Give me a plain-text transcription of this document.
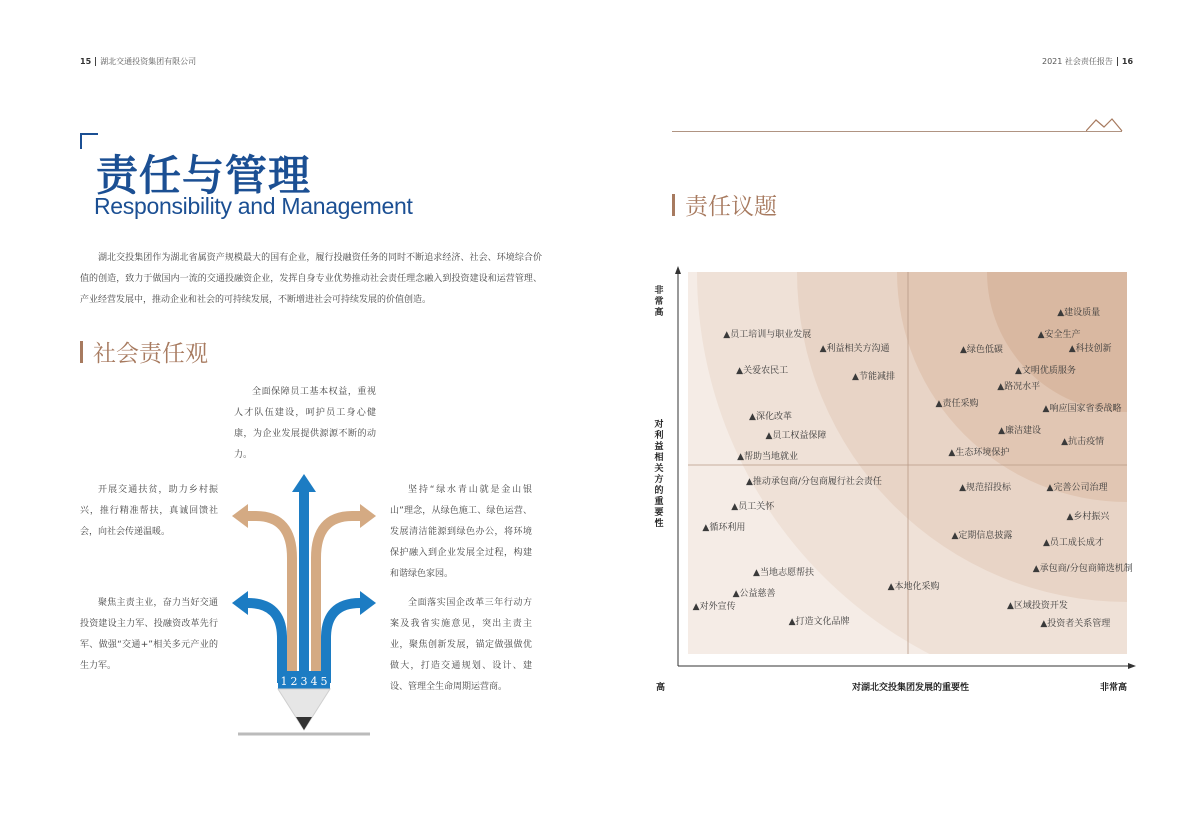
15 湖北交通投资集团有限公司
责任与管理
Responsibility and Management
湖北交投集团作为湖北省属资产规模最大的国有企业，履行投融资任务的同时不断追求经济、社会、环境综合价值的创造，致力于做国内一流的交通投融资企业，发挥自身专业优势推动社会责任理念融入到投资建设和运营管理、产业经营发展中，推动企业和社会的可持续发展，不断增进社会可持续发展的价值创造。
社会责任观
全面保障员工基本权益，重视人才队伍建设，呵护员工身心健康，为企业发展提供源源不断的动力。
开展交通扶贫，助力乡村振兴，推行精准帮扶，真诚回馈社会，向社会传递温暖。
聚焦主责主业，奋力当好交通投资建设主力军、投融资改革先行军、做强“交通+”相关多元产业的生力军。
坚持“绿水青山就是金山银山”理念，从绿色施工、绿色运营、发展清洁能源到绿色办公，将环境保护融入到企业发展全过程，构建和谐绿色家园。
全面落实国企改革三年行动方案及我省实施意见，突出主责主业，聚焦创新发展，锚定做强做优做大，打造交通规划、设计、建设、管理全生命周期运营商。
1 2 3 4 5
2021 社会责任报告 16
责任议题
▲建设质量
▲员工培训与职业发展	▲安全生产
▲利益相关方沟通	▲绿色低碳	▲科技创新
▲关爱农民工
▲节能减排
▲文明优质服务
▲路况水平
▲责任采购	▲响应国家省委战略
▲深化改革
▲廉洁建设
▲员工权益保障
▲抗击疫情
▲生态环境保护
▲帮助当地就业
▲推动承包商/分包商履行社会责任
▲规范招投标	▲完善公司治理
▲员工关怀
▲乡村振兴
▲循环利用
▲定期信息披露
▲员工成长成才
▲承包商/分包商筛选机制
▲当地志愿帮扶
▲本地化采购
▲公益慈善
▲对外宣传	▲区域投资开发
▲打造文化品牌	▲投资者关系管理
非常高
对利益相关方的重要性
高	对湖北交投集团发展的重要性	非常高
